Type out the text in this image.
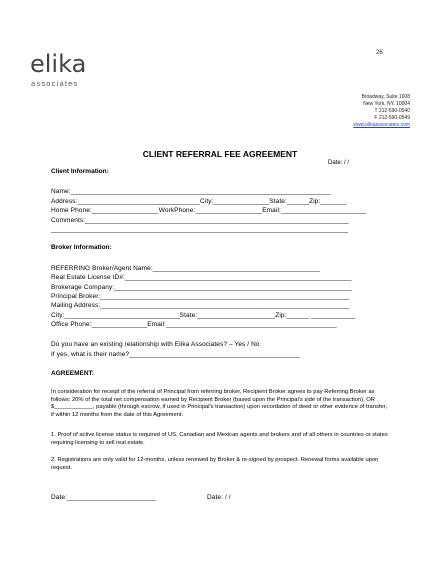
26
elika
associates
Broadway, Suite 1608
New York, NY, 10004
T 212-590-0540
F 212-590-0549
www.elikaassociates.com
CLIENT REFERRAL FEE AGREEMENT
Date: / /
Client Information:
Name:______________________________________________________________________
Address:_________________________________City:_______________State:______Zip:_______
Home Phone:__________________WorkPhone:__________________Email:_______________________
Comments:_______________________________________________________________________
________________________________________________________________________________
Broker Information:
REFERRING Broker/Agent Name:_____________________________________________
Real Estate License ID#:_____________________________________________________________
Brokerage Company:________________________________________________________________
Principal Broker:___________________________________________________________________
Mailing Address:___________________________________________________________________
City:_______________________________State:_____________________Zip:______ ____________
Office Phone:_______________Email:______________________________________________
Do you have an existing relationship with Elika Associates? – Yes / No
If yes, what is their name?______________________________________________
AGREEMENT:
In consideration for receipt of the referral of Principal from referring broker, Recipient Broker agrees to pay Referring Broker as follows: 20% of the total net compensation earned by Recipient Broker (based upon the Principal's side of the transaction), OR $____________, payable (through escrow, if used in Principal's transaction) upon recordation of deed or other evidence of transfer, if within 12 months from the date of this Agreement.
1. Proof of active license status is required of US, Canadian and Mexican agents and brokers and of all others in countries or states requiring licensing to sell real estate.
2. Registrations are only valid for 12-months, unless renewed by Broker & re-signed by prospect. Renewal forms available upon request.
Date:________________________	Date: / /
